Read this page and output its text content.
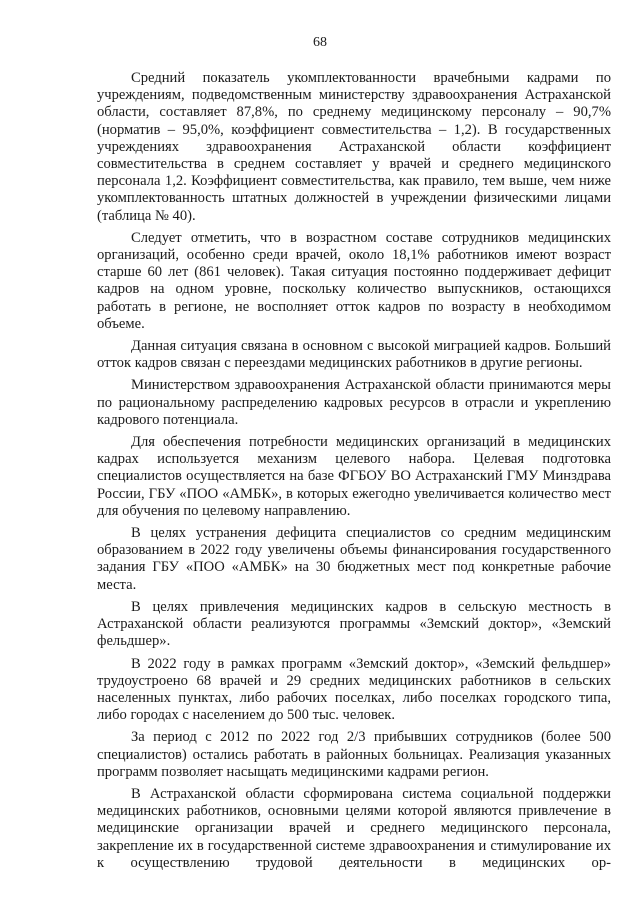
68

Средний показатель укомплектованности врачебными кадрами по учреждениям, подведомственным министерству здравоохранения Астраханской области, составляет 87,8%, по среднему медицинскому персоналу – 90,7% (норматив – 95,0%, коэффициент совместительства – 1,2). В государственных учреждениях здравоохранения Астраханской области коэффициент совместительства в среднем составляет у врачей и среднего медицинского персонала 1,2. Коэффициент совместительства, как правило, тем выше, чем ниже укомплектованность штатных должностей в учреждении физическими лицами (таблица № 40).

Следует отметить, что в возрастном составе сотрудников медицинских организаций, особенно среди врачей, около 18,1% работников имеют возраст старше 60 лет (861 человек). Такая ситуация постоянно поддерживает дефицит кадров на одном уровне, поскольку количество выпускников, остающихся работать в регионе, не восполняет отток кадров по возрасту в необходимом объеме.

Данная ситуация связана в основном с высокой миграцией кадров. Больший отток кадров связан с переездами медицинских работников в другие регионы.

Министерством здравоохранения Астраханской области принимаются меры по рациональному распределению кадровых ресурсов в отрасли и укреплению кадрового потенциала.

Для обеспечения потребности медицинских организаций в медицинских кадрах используется механизм целевого набора. Целевая подготовка специалистов осуществляется на базе ФГБОУ ВО Астраханский ГМУ Минздрава России, ГБУ «ПОО «АМБК», в которых ежегодно увеличивается количество мест для обучения по целевому направлению.

В целях устранения дефицита специалистов со средним медицинским образованием в 2022 году увеличены объемы финансирования государственного задания ГБУ «ПОО «АМБК» на 30 бюджетных мест под конкретные рабочие места.

В целях привлечения медицинских кадров в сельскую местность в Астраханской области реализуются программы «Земский доктор», «Земский фельдшер».

В 2022 году в рамках программ «Земский доктор», «Земский фельдшер» трудоустроено 68 врачей и 29 средних медицинских работников в сельских населенных пунктах, либо рабочих поселках, либо поселках городского типа, либо городах с населением до 500 тыс. человек.

За период с 2012 по 2022 год 2/3 прибывших сотрудников (более 500 специалистов) остались работать в районных больницах. Реализация указанных программ позволяет насыщать медицинскими кадрами регион.

В Астраханской области сформирована система социальной поддержки медицинских работников, основными целями которой являются привлечение в медицинские организации врачей и среднего медицинского персонала, закрепление их в государственной системе здравоохранения и стимулирование их к осуществлению трудовой деятельности в медицинских ор-
